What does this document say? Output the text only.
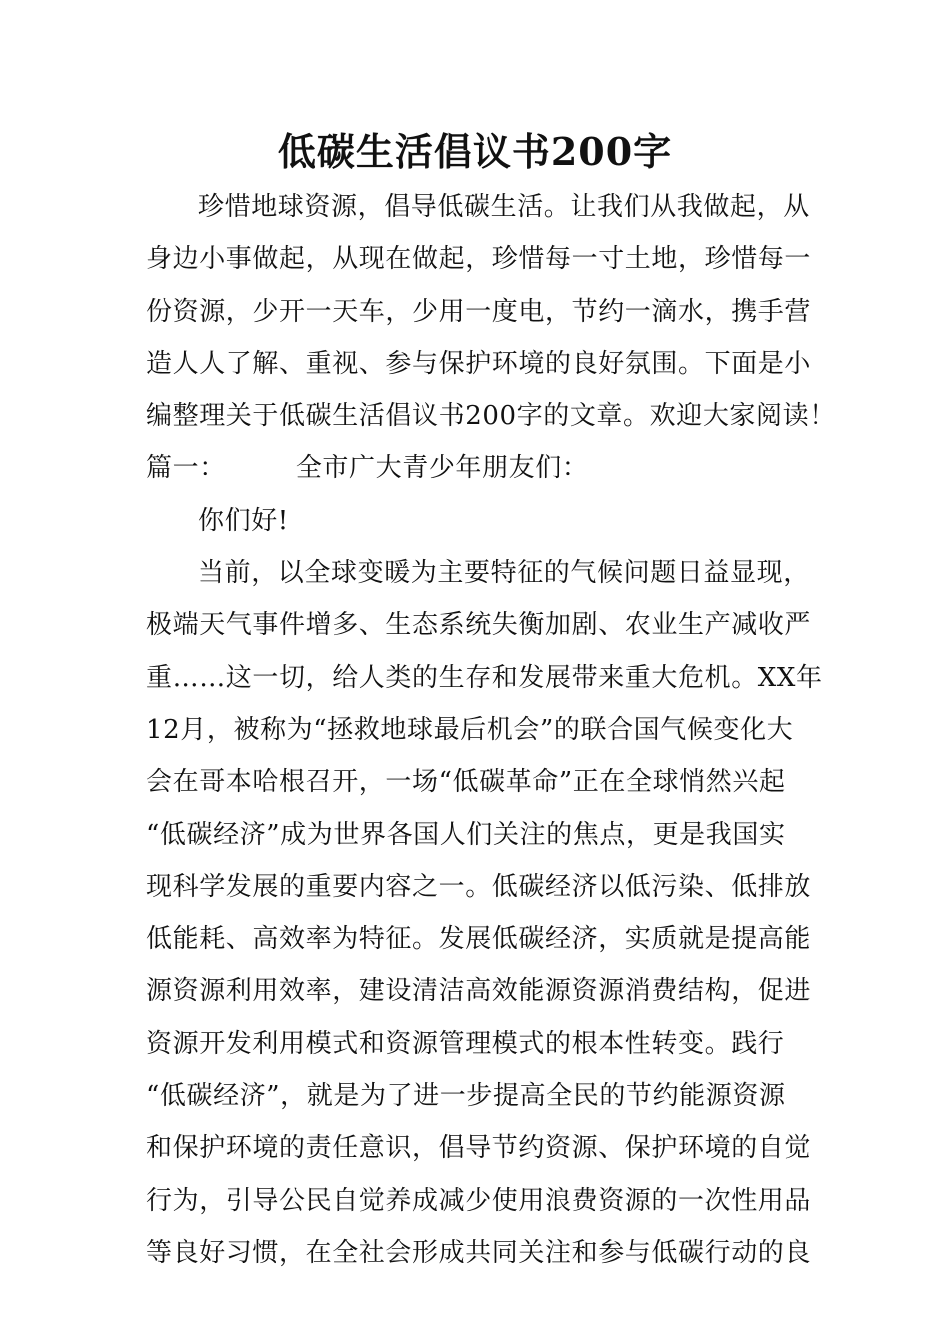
低碳生活倡议书200字
珍惜地球资源，倡导低碳生活。让我们从我做起，从
身边小事做起，从现在做起，珍惜每一寸土地，珍惜每一
份资源，少开一天车，少用一度电，节约一滴水，携手营
造人人了解、重视、参与保护环境的良好氛围。下面是小
编整理关于低碳生活倡议书200字的文章。欢迎大家阅读！
篇一：	全市广大青少年朋友们：
你们好!
当前，以全球变暖为主要特征的气候问题日益显现，
极端天气事件增多、生态系统失衡加剧、农业生产减收严
重……这一切，给人类的生存和发展带来重大危机。XX年
12月，被称为“拯救地球最后机会”的联合国气候变化大
会在哥本哈根召开，一场“低碳革命”正在全球悄然兴起
“低碳经济”成为世界各国人们关注的焦点，更是我国实
现科学发展的重要内容之一。低碳经济以低污染、低排放
低能耗、高效率为特征。发展低碳经济，实质就是提高能
源资源利用效率，建设清洁高效能源资源消费结构，促进
资源开发利用模式和资源管理模式的根本性转变。践行
“低碳经济”，就是为了进一步提高全民的节约能源资源
和保护环境的责任意识，倡导节约资源、保护环境的自觉
行为，引导公民自觉养成减少使用浪费资源的一次性用品
等良好习惯，在全社会形成共同关注和参与低碳行动的良
